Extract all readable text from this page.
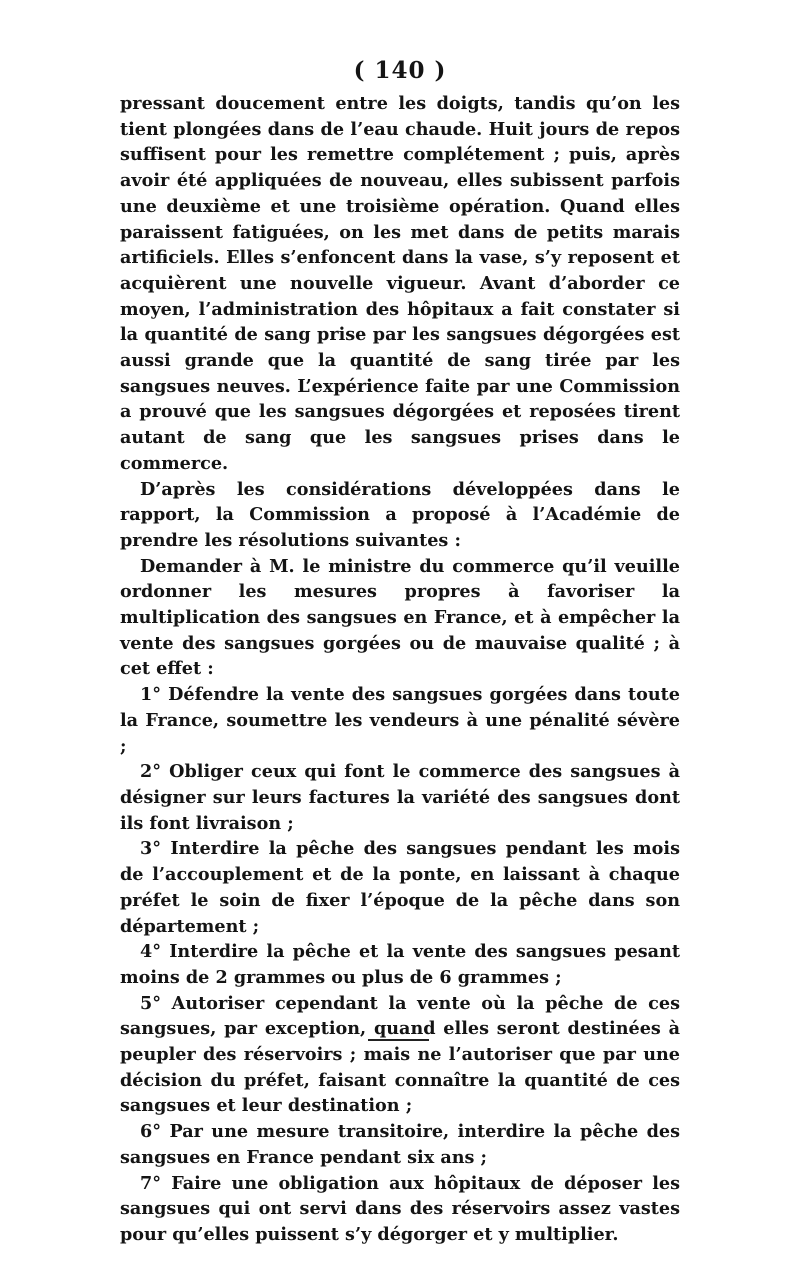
( 140 )

pressant doucement entre les doigts, tandis qu’on les tient plongées dans de l’eau chaude. Huit jours de repos suffisent pour les remettre complétement ; puis, après avoir été appliquées de nouveau, elles subissent parfois une deuxième et une troisième opération. Quand elles paraissent fatiguées, on les met dans de petits marais artificiels. Elles s’enfoncent dans la vase, s’y reposent et acquièrent une nouvelle vigueur. Avant d’aborder ce moyen, l’administration des hôpitaux a fait constater si la quantité de sang prise par les sangsues dégorgées est aussi grande que la quantité de sang tirée par les sangsues neuves. L’expérience faite par une Commission a prouvé que les sangsues dégorgées et reposées tirent autant de sang que les sangsues prises dans le commerce.

D’après les considérations développées dans le rapport, la Commission a proposé à l’Académie de prendre les résolutions suivantes :

Demander à M. le ministre du commerce qu’il veuille ordonner les mesures propres à favoriser la multiplication des sangsues en France, et à empêcher la vente des sangsues gorgées ou de mauvaise qualité ; à cet effet :

1° Défendre la vente des sangsues gorgées dans toute la France, soumettre les vendeurs à une pénalité sévère ;

2° Obliger ceux qui font le commerce des sangsues à désigner sur leurs factures la variété des sangsues dont ils font livraison ;

3° Interdire la pêche des sangsues pendant les mois de l’accouplement et de la ponte, en laissant à chaque préfet le soin de fixer l’époque de la pêche dans son département ;

4° Interdire la pêche et la vente des sangsues pesant moins de 2 grammes ou plus de 6 grammes ;

5° Autoriser cependant la vente où la pêche de ces sangsues, par exception, quand elles seront destinées à peupler des réservoirs ; mais ne l’autoriser que par une décision du préfet, faisant connaître la quantité de ces sangsues et leur destination ;

6° Par une mesure transitoire, interdire la pêche des sangsues en France pendant six ans ;

7° Faire une obligation aux hôpitaux de déposer les sangsues qui ont servi dans des réservoirs assez vastes pour qu’elles puissent s’y dégorger et y multiplier.
